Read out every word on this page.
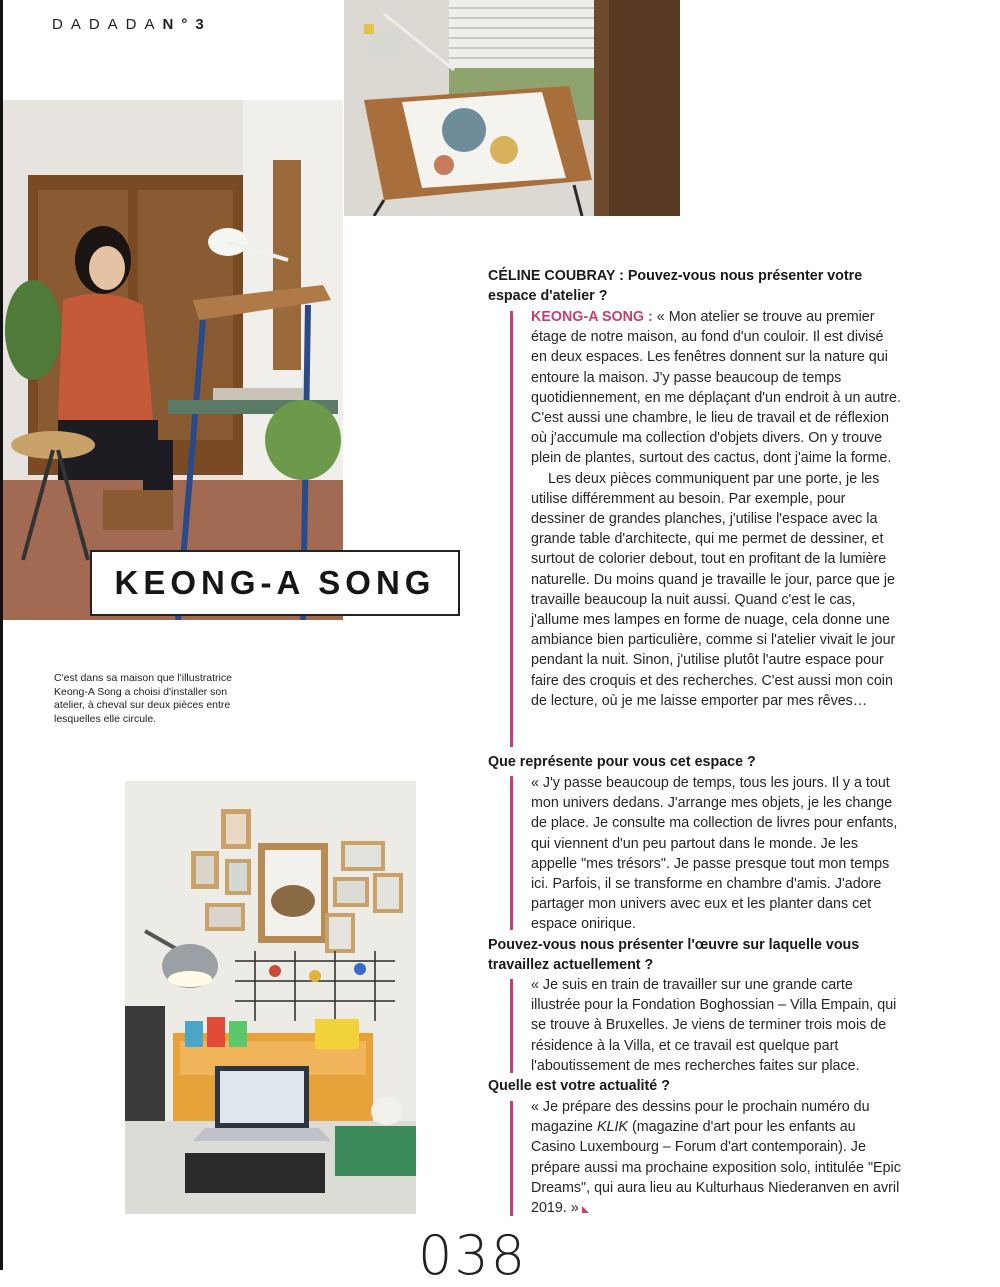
DADADAN°3
KEONG-A SONG
C'est dans sa maison que l'illustratrice Keong-A Song a choisi d'installer son atelier, à cheval sur deux pièces entre lesquelles elle circule.
CÉLINE COUBRAY : Pouvez-vous nous présenter votre espace d'atelier ?

KEONG-A SONG : « Mon atelier se trouve au premier étage de notre maison, au fond d'un couloir. Il est divisé en deux espaces. Les fenêtres donnent sur la nature qui entoure la maison. J'y passe beaucoup de temps quotidiennement, en me déplaçant d'un endroit à un autre. C'est aussi une chambre, le lieu de travail et de réflexion où j'accumule ma collection d'objets divers. On y trouve plein de plantes, surtout des cactus, dont j'aime la forme.

Les deux pièces communiquent par une porte, je les utilise différemment au besoin. Par exemple, pour dessiner de grandes planches, j'utilise l'espace avec la grande table d'architecte, qui me permet de dessiner, et surtout de colorier debout, tout en profitant de la lumière naturelle. Du moins quand je travaille le jour, parce que je travaille beaucoup la nuit aussi. Quand c'est le cas, j'allume mes lampes en forme de nuage, cela donne une ambiance bien particulière, comme si l'atelier vivait le jour pendant la nuit. Sinon, j'utilise plutôt l'autre espace pour faire des croquis et des recherches. C'est aussi mon coin de lecture, où je me laisse emporter par mes rêves…

Que représente pour vous cet espace ?
« J'y passe beaucoup de temps, tous les jours. Il y a tout mon univers dedans. J'arrange mes objets, je les change de place. Je consulte ma collection de livres pour enfants, qui viennent d'un peu partout dans le monde. Je les appelle "mes trésors". Je passe presque tout mon temps ici. Parfois, il se transforme en chambre d'amis. J'adore partager mon univers avec eux et les planter dans cet espace onirique.
Pouvez-vous nous présenter l'œuvre sur laquelle vous travaillez actuellement ?
« Je suis en train de travailler sur une grande carte illustrée pour la Fondation Boghossian – Villa Empain, qui se trouve à Bruxelles. Je viens de terminer trois mois de résidence à la Villa, et ce travail est quelque part l'aboutissement de mes recherches faites sur place.
Quelle est votre actualité ?
« Je prépare des dessins pour le prochain numéro du magazine KLIK (magazine d'art pour les enfants au Casino Luxembourg – Forum d'art contemporain). Je prépare aussi ma prochaine exposition solo, intitulée "Epic Dreams", qui aura lieu au Kulturhaus Niederanven en avril 2019. »
038
